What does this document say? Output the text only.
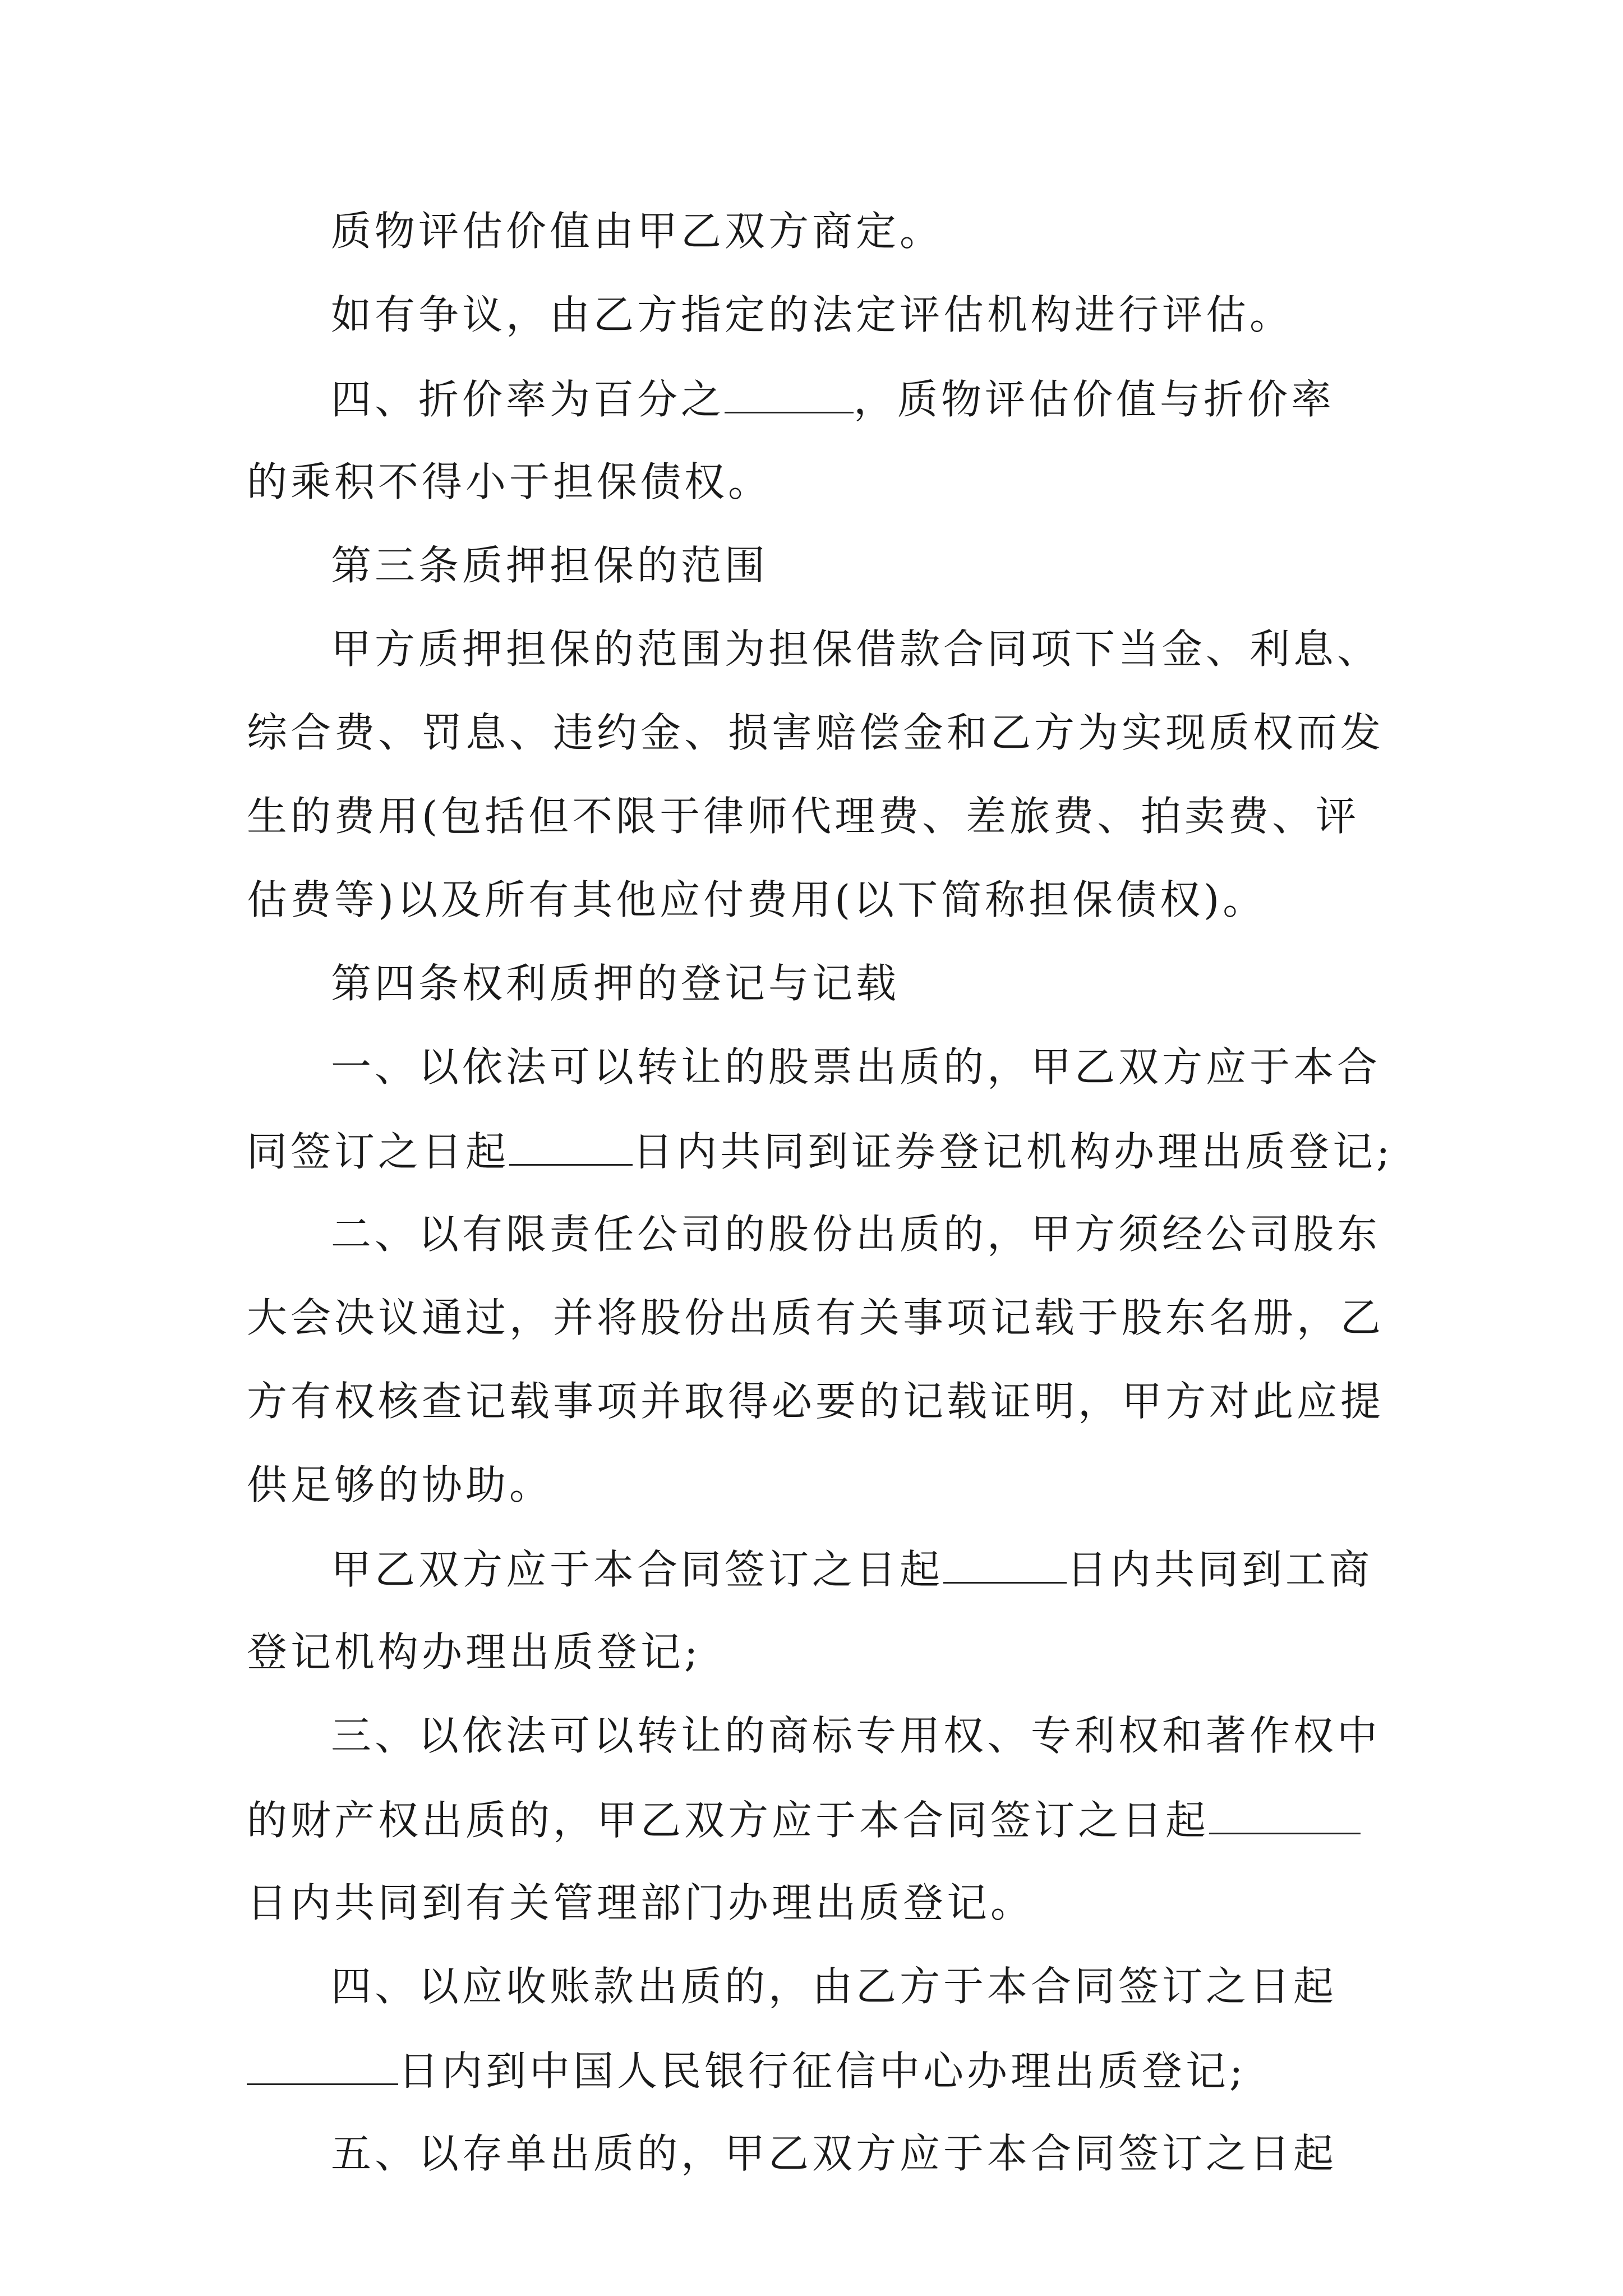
质物评估价值由甲乙双方商定。
如有争议，由乙方指定的法定评估机构进行评估。
四、折价率为百分之	，质物评估价值与折价率
的乘积不得小于担保债权。
第三条质押担保的范围
甲方质押担保的范围为担保借款合同项下当金、利息、
综合费、罚息、违约金、损害赔偿金和乙方为实现质权而发
生的费用(包括但不限于律师代理费、差旅费、拍卖费、评
估费等)以及所有其他应付费用(以下简称担保债权)。
第四条权利质押的登记与记载
一、以依法可以转让的股票出质的，甲乙双方应于本合
同签订之日起	日内共同到证券登记机构办理出质登记;
二、以有限责任公司的股份出质的，甲方须经公司股东
大会决议通过，并将股份出质有关事项记载于股东名册，乙
方有权核查记载事项并取得必要的记载证明，甲方对此应提
供足够的协助。
甲乙双方应于本合同签订之日起	日内共同到工商
登记机构办理出质登记;
三、以依法可以转让的商标专用权、专利权和著作权中
的财产权出质的，甲乙双方应于本合同签订之日起
日内共同到有关管理部门办理出质登记。
四、以应收账款出质的，由乙方于本合同签订之日起
日内到中国人民银行征信中心办理出质登记;
五、以存单出质的，甲乙双方应于本合同签订之日起
